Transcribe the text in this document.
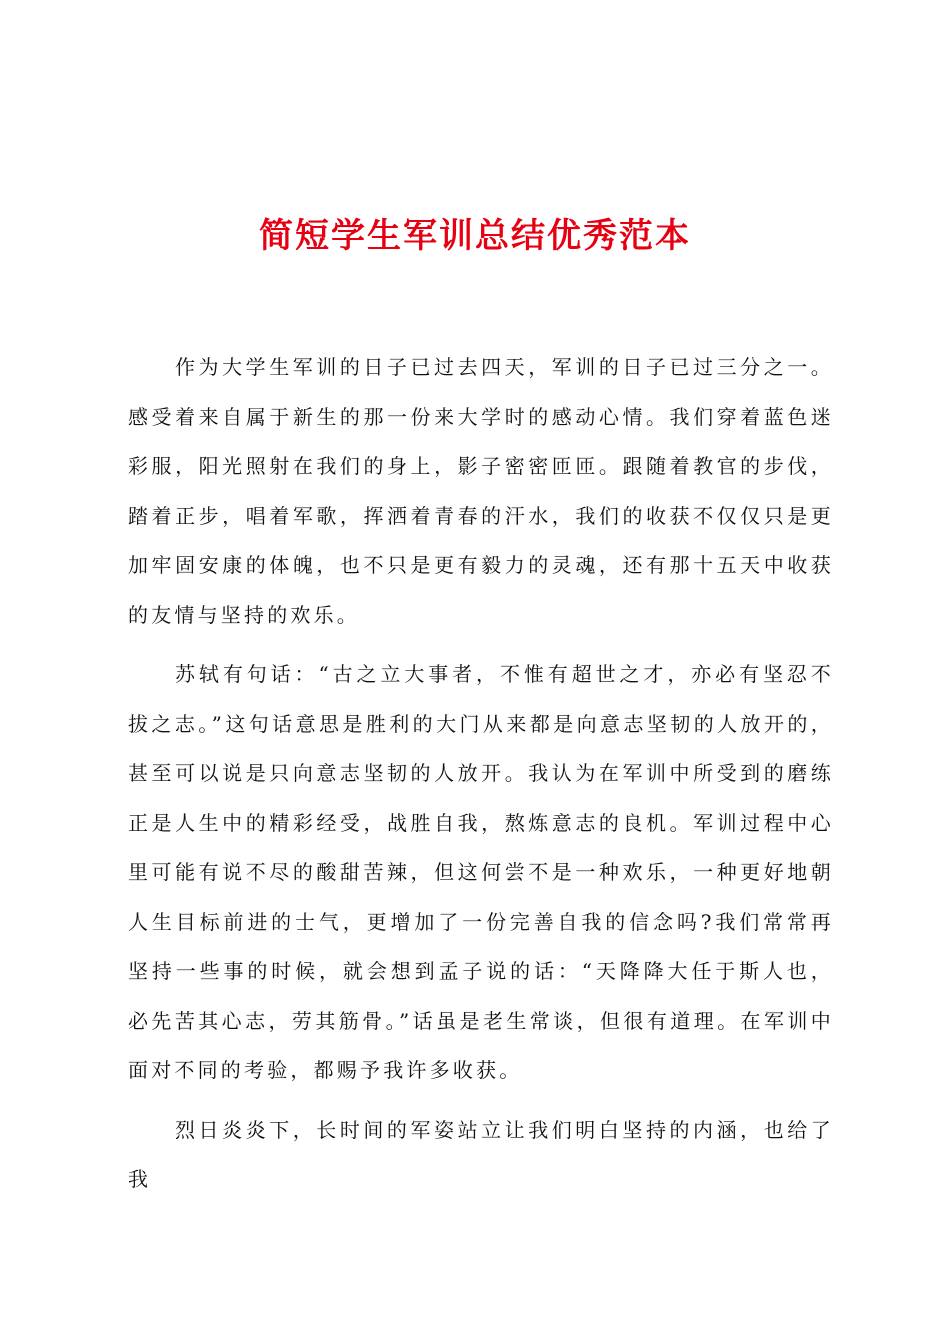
简短学生军训总结优秀范本

作为大学生军训的日子已过去四天，军训的日子已过三分之一。感受着来自属于新生的那一份来大学时的感动心情。我们穿着蓝色迷彩服，阳光照射在我们的身上，影子密密匝匝。跟随着教官的步伐，踏着正步，唱着军歌，挥洒着青春的汗水，我们的收获不仅仅只是更加牢固安康的体魄，也不只是更有毅力的灵魂，还有那十五天中收获的友情与坚持的欢乐。

苏轼有句话：“古之立大事者，不惟有超世之才，亦必有坚忍不拔之志。”这句话意思是胜利的大门从来都是向意志坚韧的人放开的，甚至可以说是只向意志坚韧的人放开。我认为在军训中所受到的磨练正是人生中的精彩经受，战胜自我，熬炼意志的良机。军训过程中心里可能有说不尽的酸甜苦辣，但这何尝不是一种欢乐，一种更好地朝人生目标前进的士气，更增加了一份完善自我的信念吗?我们常常再坚持一些事的时候，就会想到孟子说的话：“天降降大任于斯人也，必先苦其心志，劳其筋骨。”话虽是老生常谈，但很有道理。在军训中面对不同的考验，都赐予我许多收获。

烈日炎炎下，长时间的军姿站立让我们明白坚持的内涵，也给了我
